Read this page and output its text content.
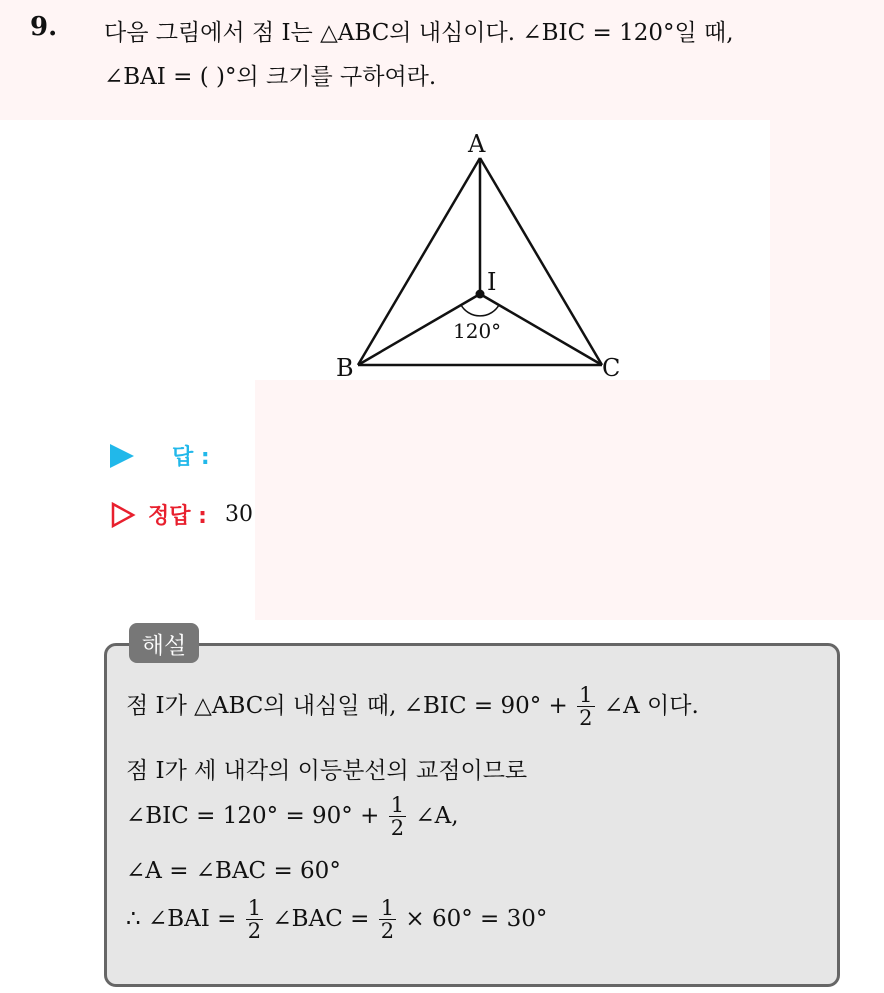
9. 다음 그림에서 점 I는 △ABC의 내심이다. ∠BIC = 120°일 때,
∠BAI = ( )°의 크기를 구하여라.
A
B	C
I
120°
답 :
정답 : 30
해설
점 I가 △ABC의 내심일 때, ∠BIC = $90^\circ + \frac{1}{2}$ ∠A 이다.
점 I가 세 내각의 이등분선의 교점이므로
∠BIC = $120^\circ = 90^\circ + \frac{1}{2}$ ∠A,
∠A = ∠BAC = 60°
∴ ∠BAI = $\frac{1}{2}$ ∠BAC = $\frac{1}{2} \times 60^\circ = 30^\circ$
